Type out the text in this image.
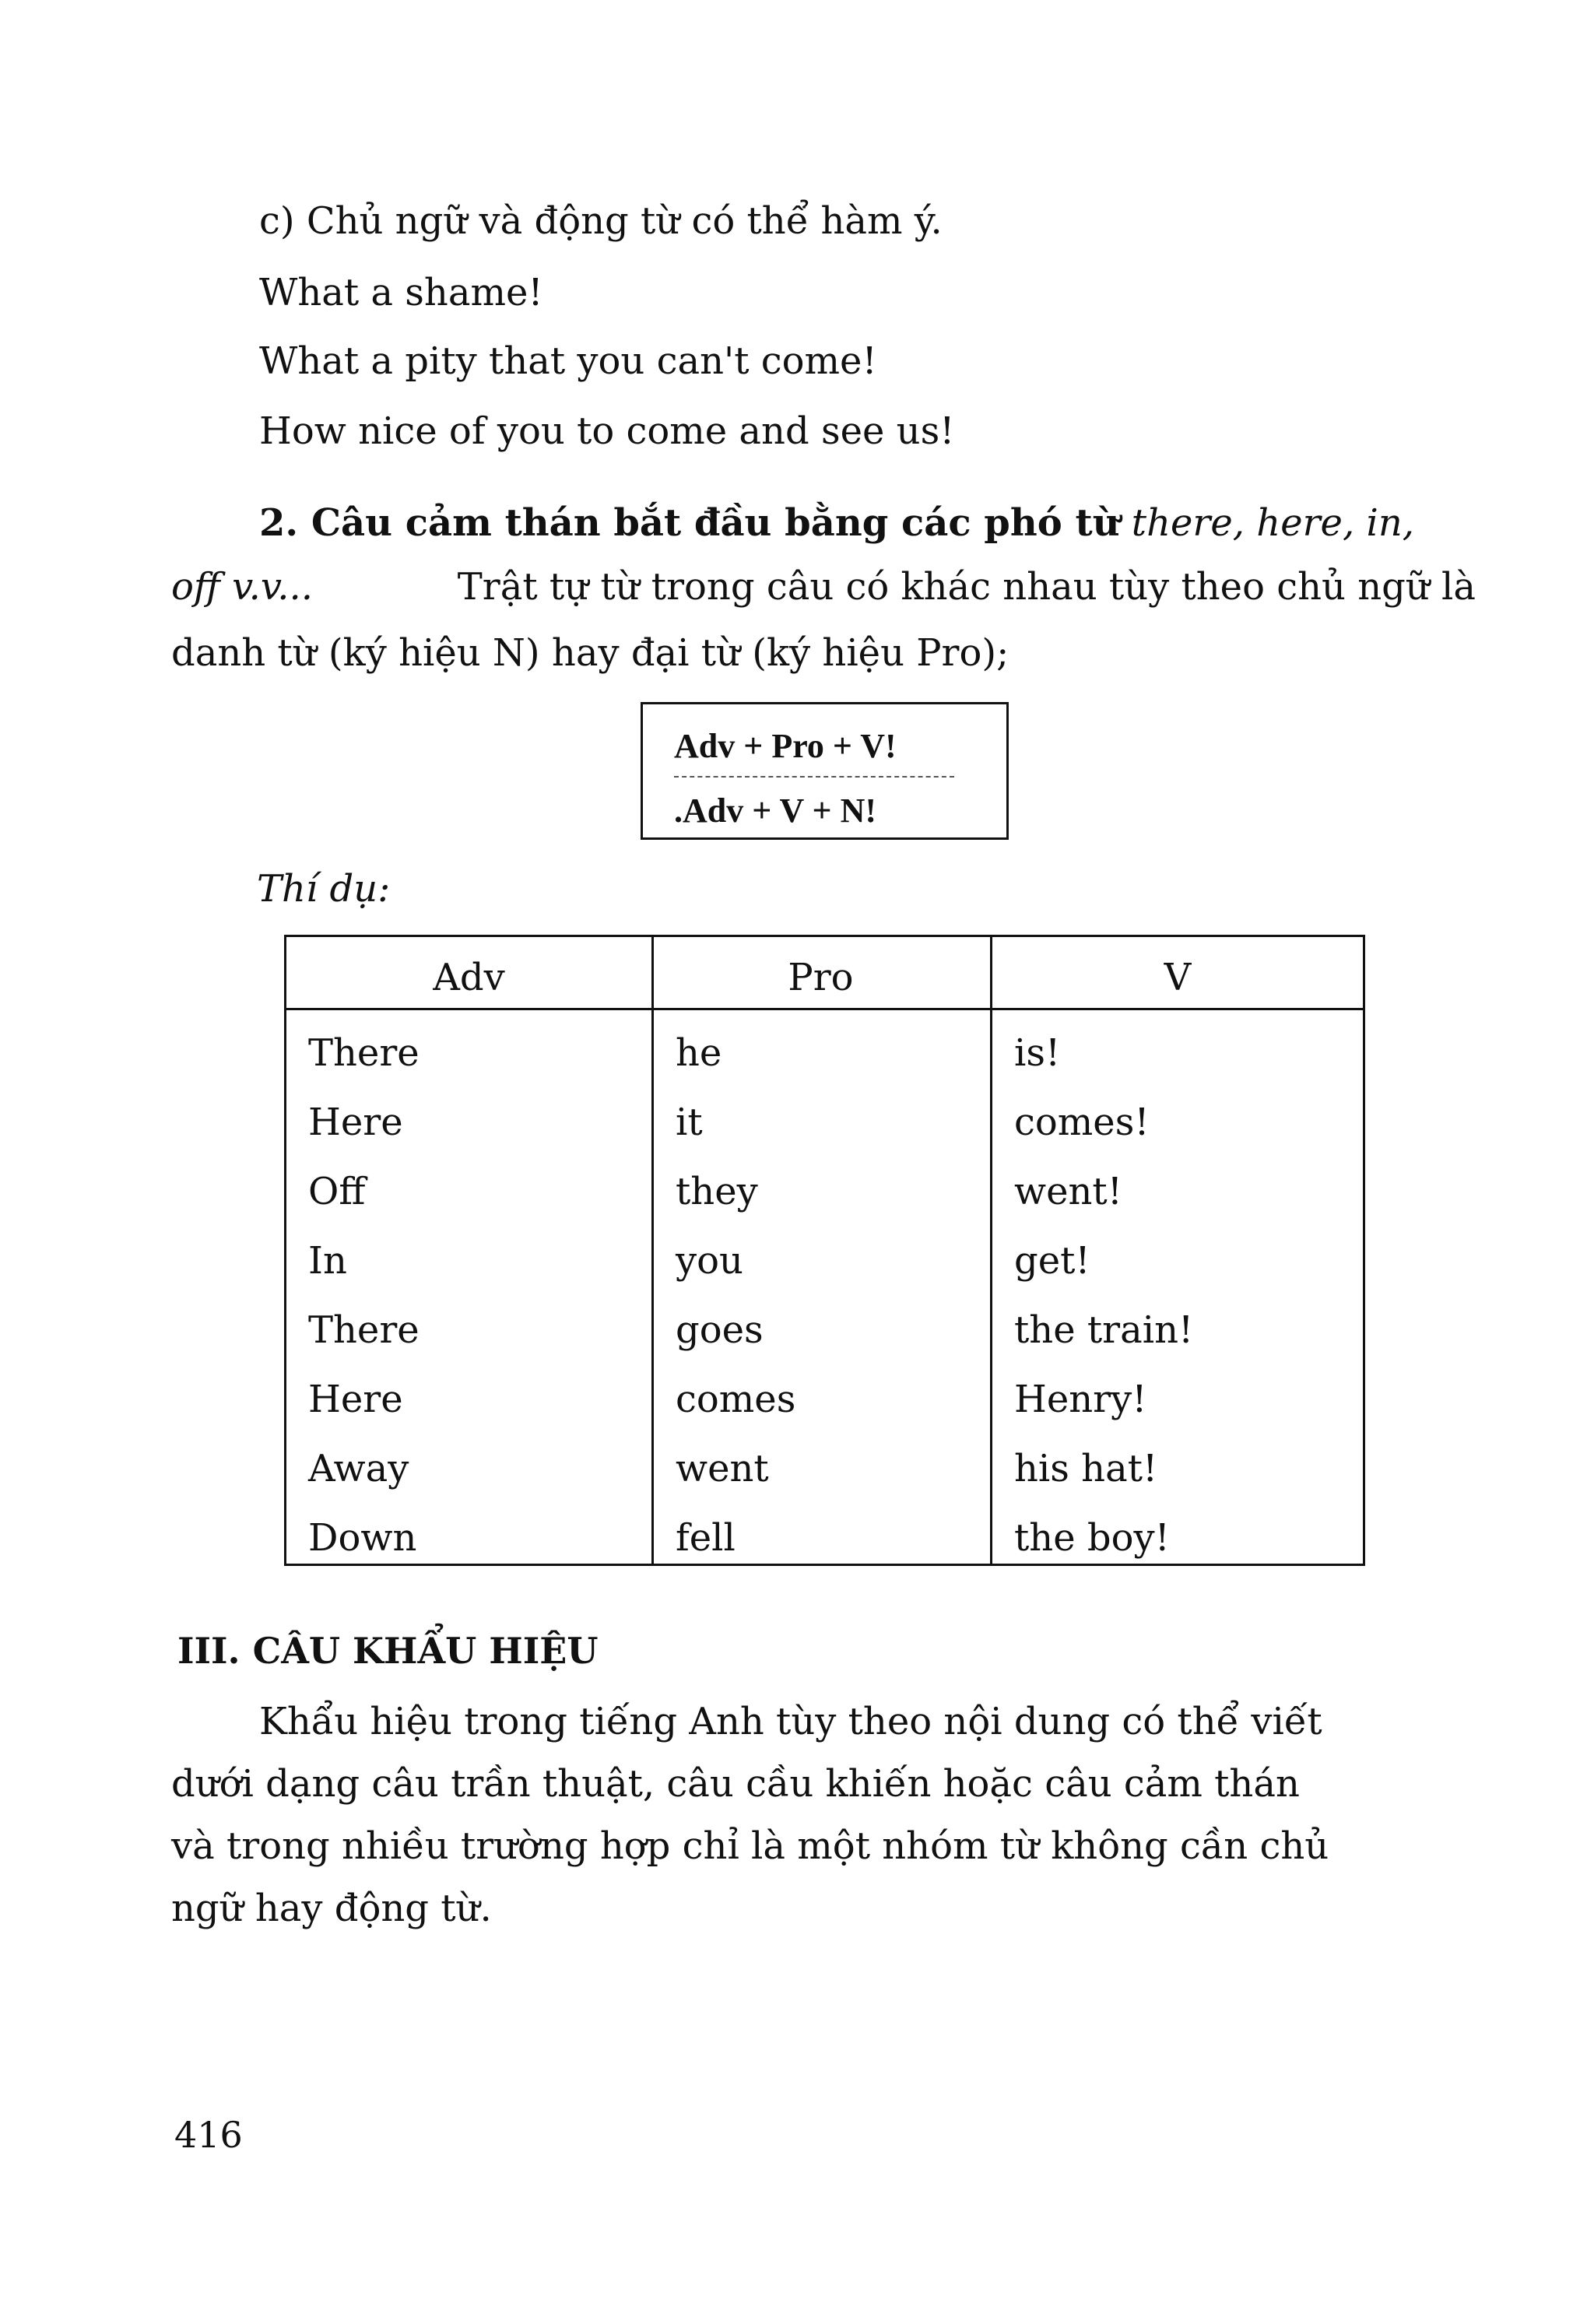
c) Chủ ngữ và động từ có thể hàm ý.
What a shame!
What a pity that you can't come!
How nice of you to come and see us!
2. Câu cảm thán bắt đầu bằng các phó từ there, here, in,
off v.v...	Trật tự từ trong câu có khác nhau tùy theo chủ ngữ là
danh từ (ký hiệu N) hay đại từ (ký hiệu Pro);
Adv + Pro + V!
.Adv + V + N!
Thí dụ:
Adv	Pro	V
There	he	is!
Here	it	comes!
Off	they	went!
In	you	get!
There	goes	the train!
Here	comes	Henry!
Away	went	his hat!
Down	fell	the boy!
III. CÂU KHẨU HIỆU
Khẩu hiệu trong tiếng Anh tùy theo nội dung có thể viết
dưới dạng câu trần thuật, câu cầu khiến hoặc câu cảm thán
và trong nhiều trường hợp chỉ là một nhóm từ không cần chủ
ngữ hay động từ.
416
